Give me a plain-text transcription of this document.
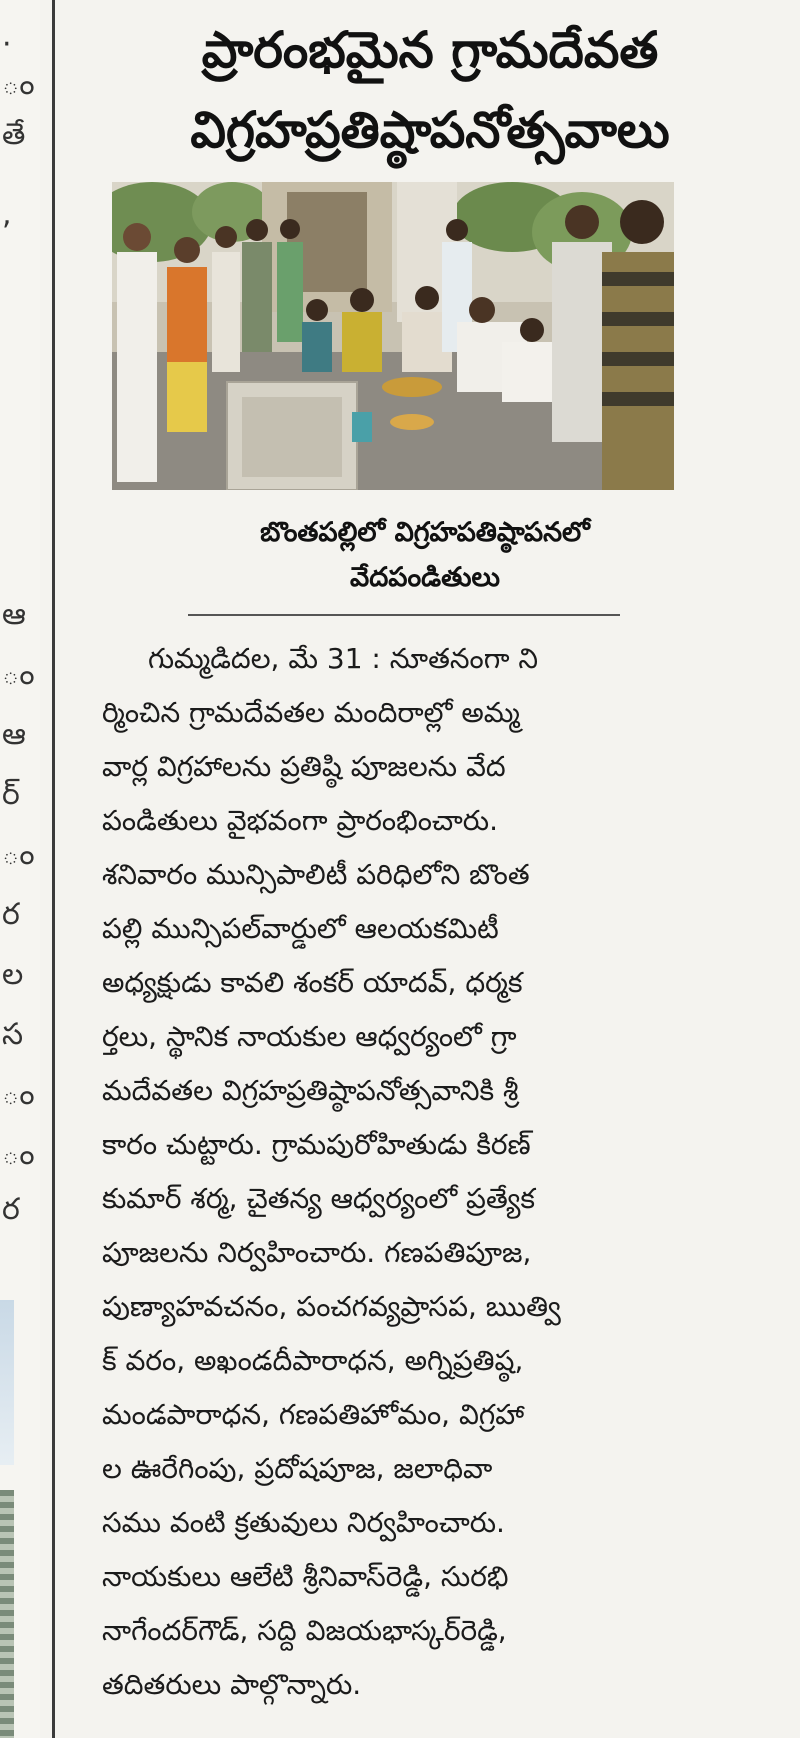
·
ం
తే
,
ఆ
ం
ఆ
ర్
ం
ర
ల
స
ం
ం
ర
ప్రారంభమైన గ్రామదేవత
విగ్రహప్రతిష్ఠాపనోత్సవాలు
బొంతపల్లిలో విగ్రహపతిష్ఠాపనలో
వేదపండితులు
గుమ్మడిదల, మే 31 : నూతనంగా ని
ర్మించిన గ్రామదేవతల మందిరాల్లో అమ్మ
వార్ల విగ్రహాలను ప్రతిష్ఠి పూజలను వేద
పండితులు వైభవంగా ప్రారంభించారు.
శనివారం మున్సిపాలిటీ పరిధిలోని బొంత
పల్లి మున్సిపల్‌వార్డులో ఆలయకమిటీ
అధ్యక్షుడు కావలి శంకర్ యాదవ్, ధర్మక
ర్తలు, స్థానిక నాయకుల ఆధ్వర్యంలో గ్రా
మదేవతల విగ్రహప్రతిష్ఠాపనోత్సవానికి శ్రీ
కారం చుట్టారు. గ్రామపురోహితుడు కిరణ్
కుమార్ శర్మ, చైతన్య ఆధ్వర్యంలో ప్రత్యేక
పూజలను నిర్వహించారు. గణపతిపూజ,
పుణ్యాహవచనం, పంచగవ్యప్రాసప, ఋత్వి
క్ వరం, అఖండదీపారాధన, అగ్నిప్రతిష్ఠ,
మండపారాధన, గణపతిహోమం, విగ్రహా
ల ఊరేగింపు, ప్రదోషపూజ, జలాధివా
సము వంటి క్రతువులు నిర్వహించారు.
నాయకులు ఆలేటి శ్రీనివాస్‌రెడ్డి, సురభి
నాగేందర్‌గౌడ్, సద్ది విజయభాస్కర్‌రెడ్డి,
తదితరులు పాల్గొన్నారు.
